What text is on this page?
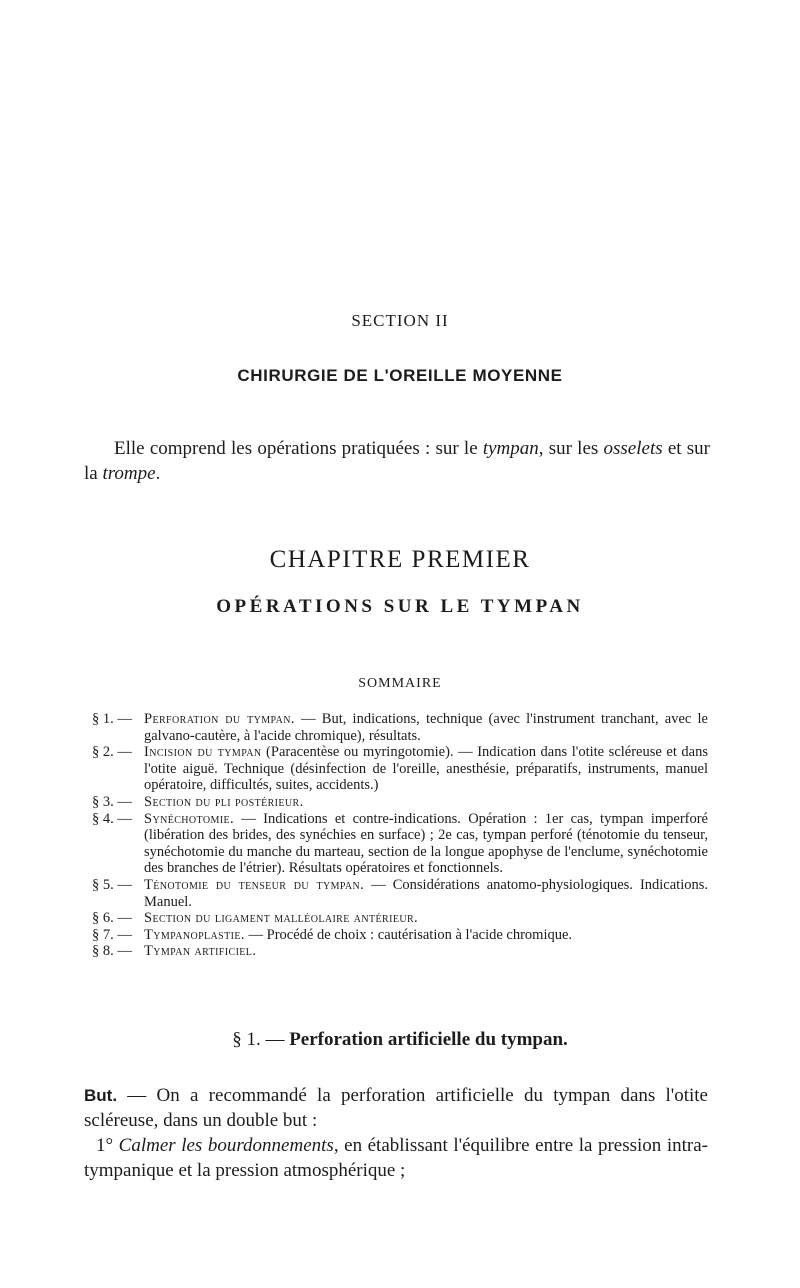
SECTION II
CHIRURGIE DE L'OREILLE MOYENNE
Elle comprend les opérations pratiquées : sur le tympan, sur les osselets et sur la trompe.
CHAPITRE PREMIER
OPÉRATIONS SUR LE TYMPAN
SOMMAIRE
§ 1. — Perforation du tympan. — But, indications, technique (avec l'instrument tranchant, avec le galvano-cautère, à l'acide chromique), résultats.
§ 2. — Incision du tympan (Paracentèse ou myringotomie). — Indication dans l'otite scléreuse et dans l'otite aiguë. Technique (désinfection de l'oreille, anesthésie, préparatifs, instruments, manuel opératoire, difficultés, suites, accidents.)
§ 3. — Section du pli postérieur.
§ 4. — Synéchotomie. — Indications et contre-indications. Opération : 1er cas, tympan imperforé (libération des brides, des synéchies en surface) ; 2e cas, tympan perforé (ténotomie du tenseur, synéchotomie du manche du marteau, section de la longue apophyse de l'enclume, synéchotomie des branches de l'étrier). Résultats opératoires et fonctionnels.
§ 5. — Ténotomie du tenseur du tympan. — Considérations anatomo-physiologiques. Indications. Manuel.
§ 6. — Section du ligament malléolaire antérieur.
§ 7. — Tympanoplastie. — Procédé de choix : cautérisation à l'acide chromique.
§ 8. — Tympan artificiel.
§ 1. — Perforation artificielle du tympan.

But. — On a recommandé la perforation artificielle du tympan dans l'otite scléreuse, dans un double but :

1° Calmer les bourdonnements, en établissant l'équilibre entre la pression intra-tympanique et la pression atmosphérique ;
